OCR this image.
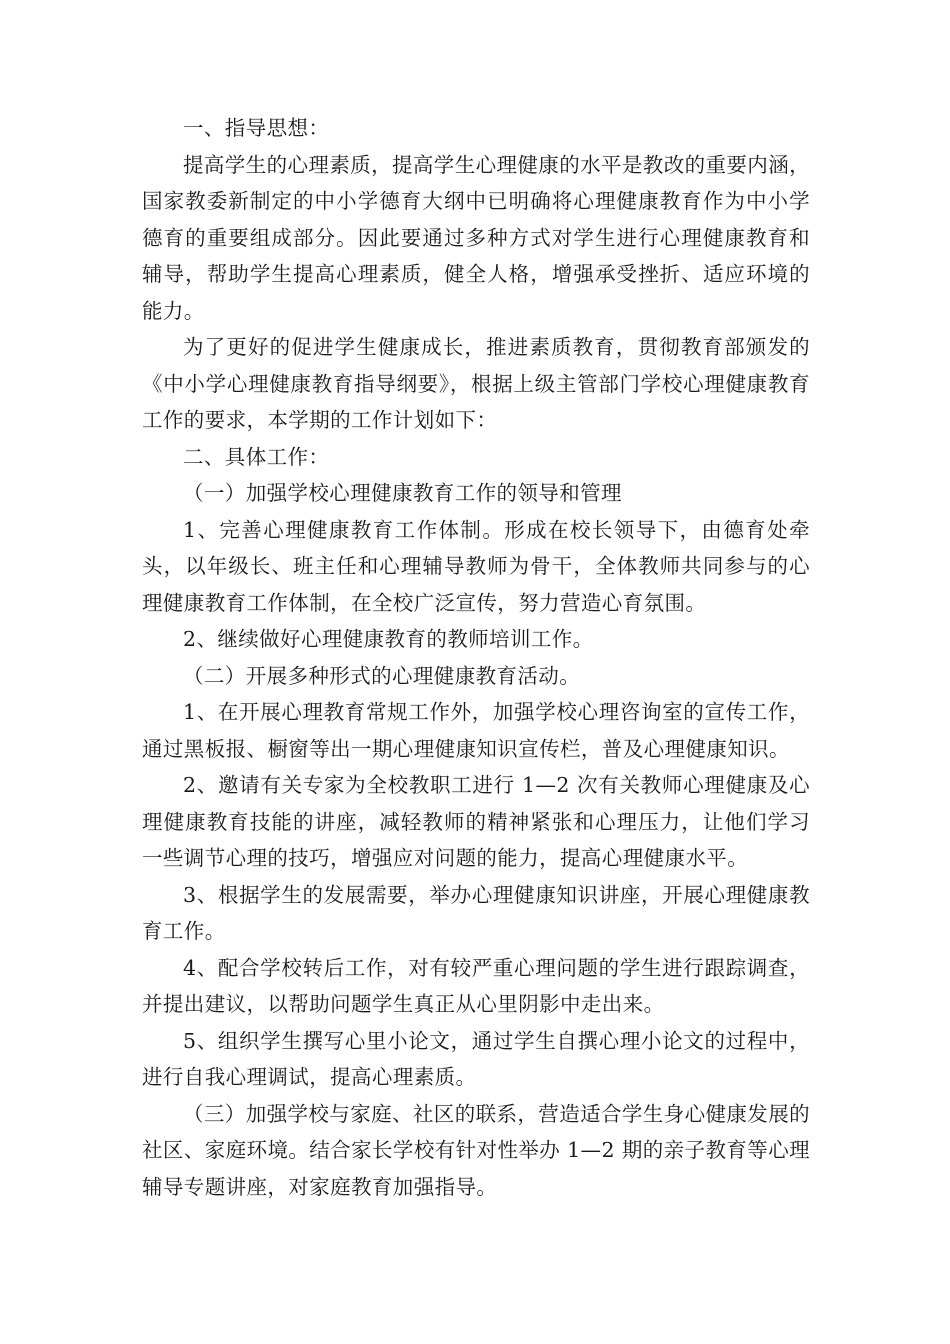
一、指导思想：

提高学生的心理素质，提高学生心理健康的水平是教改的重要内涵，国家教委新制定的中小学德育大纲中已明确将心理健康教育作为中小学德育的重要组成部分。因此要通过多种方式对学生进行心理健康教育和辅导，帮助学生提高心理素质，健全人格，增强承受挫折、适应环境的能力。

为了更好的促进学生健康成长，推进素质教育，贯彻教育部颁发的《中小学心理健康教育指导纲要》，根据上级主管部门学校心理健康教育工作的要求，本学期的工作计划如下：

二、具体工作：

（一）加强学校心理健康教育工作的领导和管理

1、完善心理健康教育工作体制。形成在校长领导下，由德育处牵头，以年级长、班主任和心理辅导教师为骨干，全体教师共同参与的心理健康教育工作体制，在全校广泛宣传，努力营造心育氛围。

2、继续做好心理健康教育的教师培训工作。

（二）开展多种形式的心理健康教育活动。

1、在开展心理教育常规工作外，加强学校心理咨询室的宣传工作，通过黑板报、橱窗等出一期心理健康知识宣传栏，普及心理健康知识。

2、邀请有关专家为全校教职工进行 1—2 次有关教师心理健康及心理健康教育技能的讲座，减轻教师的精神紧张和心理压力，让他们学习一些调节心理的技巧，增强应对问题的能力，提高心理健康水平。

3、根据学生的发展需要，举办心理健康知识讲座，开展心理健康教育工作。

4、配合学校转后工作，对有较严重心理问题的学生进行跟踪调查，并提出建议，以帮助问题学生真正从心里阴影中走出来。

5、组织学生撰写心里小论文，通过学生自撰心理小论文的过程中，进行自我心理调试，提高心理素质。

（三）加强学校与家庭、社区的联系，营造适合学生身心健康发展的社区、家庭环境。结合家长学校有针对性举办 1—2 期的亲子教育等心理辅导专题讲座，对家庭教育加强指导。
